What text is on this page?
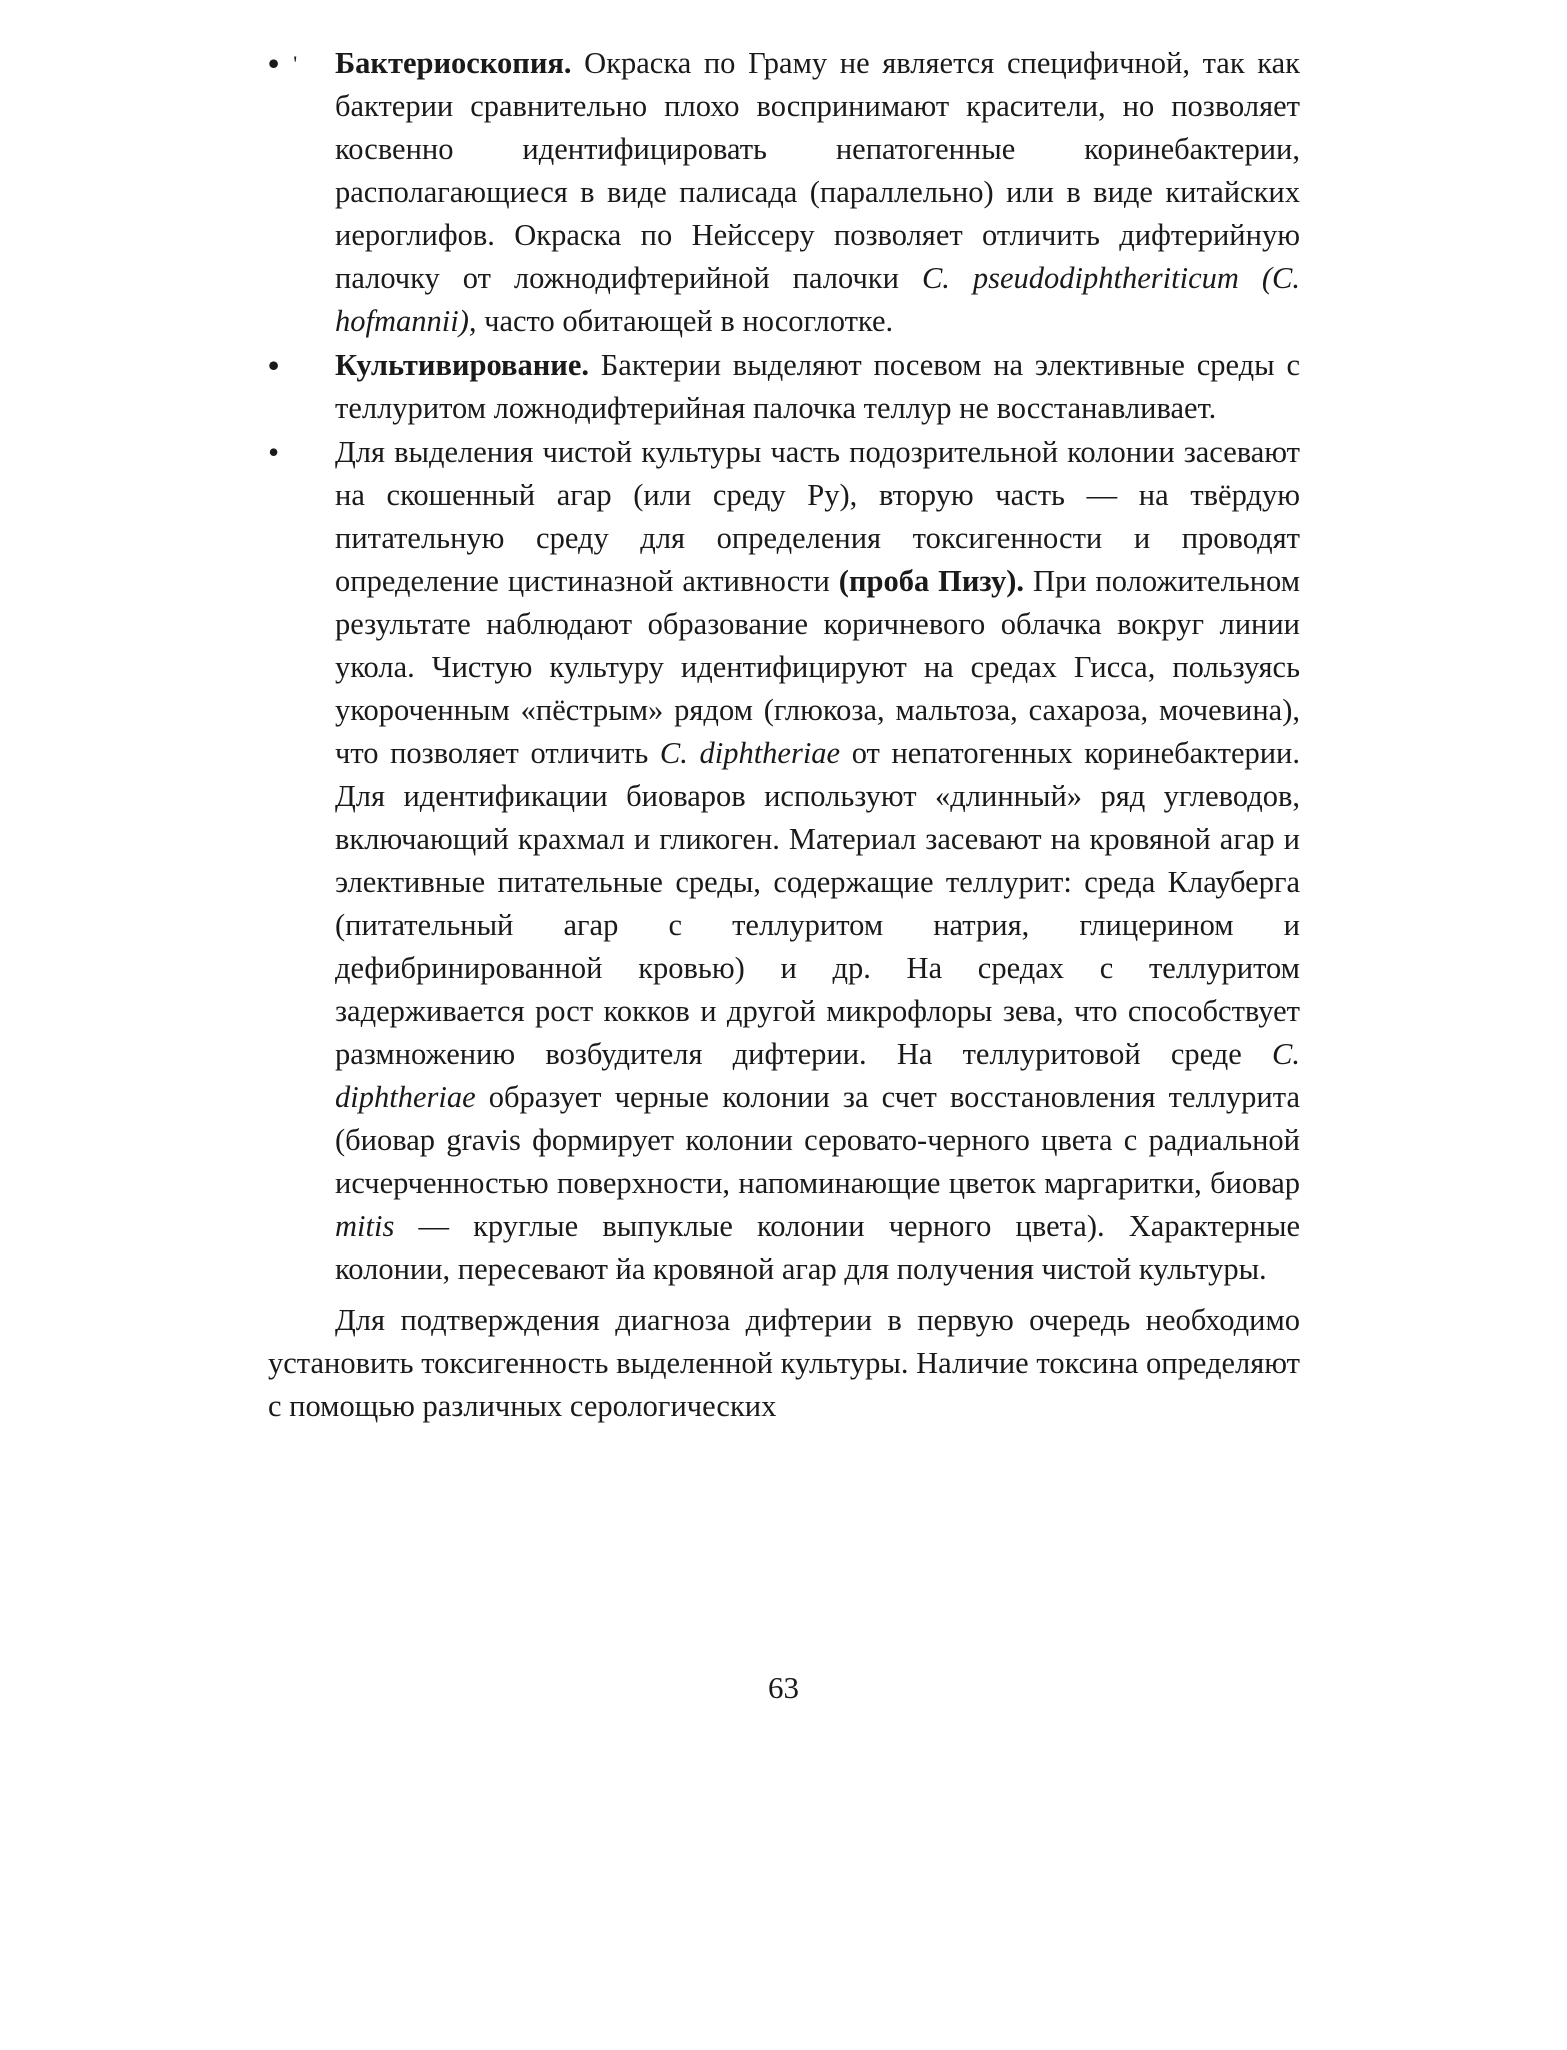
• '	Бактериоскопия. Окраска по Граму не является специфичной, так как бактерии сравнительно плохо воспринимают красители, но позволяет косвенно идентифицировать непатогенные коринебактерии, располагающиеся в виде палисада (параллельно) или в виде китайских иероглифов. Окраска по Нейссеру позволяет отличить дифтерийную палочку от ложнодифтерийной палочки C. pseudodiphtheriticum (C. hofmannii), часто обитающей в носоглотке.
•	Культивирование. Бактерии выделяют посевом на элективные среды с теллуритом ложнодифтерийная палочка теллур не восстанавливает.
•	Для выделения чистой культуры часть подозрительной колонии засевают на скошенный агар (или среду Ру), вторую часть — на твёрдую питательную среду для определения токсигенности и проводят определение цистиназной активности (проба Пизу). При положительном результате наблюдают образование коричневого облачка вокруг линии укола. Чистую культуру идентифицируют на средах Гисса, пользуясь укороченным «пёстрым» рядом (глюкоза, мальтоза, сахароза, мочевина), что позволяет отличить C. diphtheriae от непатогенных коринебактерии. Для идентификации биоваров используют «длинный» ряд углеводов, включающий крахмал и гликоген. Материал засевают на кровяной агар и элективные питательные среды, содержащие теллурит: среда Клауберга (питательный агар с теллуритом натрия, глицерином и дефибринированной кровью) и др. На средах с теллуритом задерживается рост кокков и другой микрофлоры зева, что способствует размножению возбудителя дифтерии. На теллуритовой среде C. diphtheriae образует черные колонии за счет восстановления теллурита (биовар gravis формирует колонии серовато-черного цвета с радиальной исчерченностью поверхности, напоминающие цветок маргаритки, биовар mitis — круглые выпуклые колонии черного цвета). Характерные колонии, пересевают йа кровяной агар для получения чистой культуры.

Для подтверждения диагноза дифтерии в первую очередь необходимо установить токсигенность выделенной культуры. Наличие токсина определяют с помощью различных серологических

63
